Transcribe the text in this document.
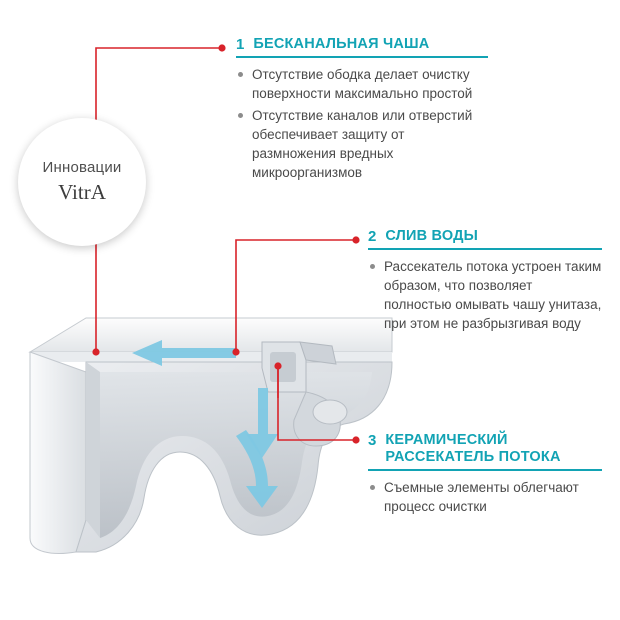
Инновации
VitrA
1 БЕСКАНАЛЬНАЯ ЧАША
Отсутствие ободка делает очистку поверхности максимально простой
Отсутствие каналов или отверстий обеспечивает защиту от размножения вредных микроорганизмов
2 СЛИВ ВОДЫ
Рассекатель потока устроен таким образом, что позволяет полностью омывать чашу унитаза, при этом не разбрызгивая воду
3 КЕРАМИЧЕСКИЙ РАССЕКАТЕЛЬ ПОТОКА
Съемные элементы облегчают процесс очистки
